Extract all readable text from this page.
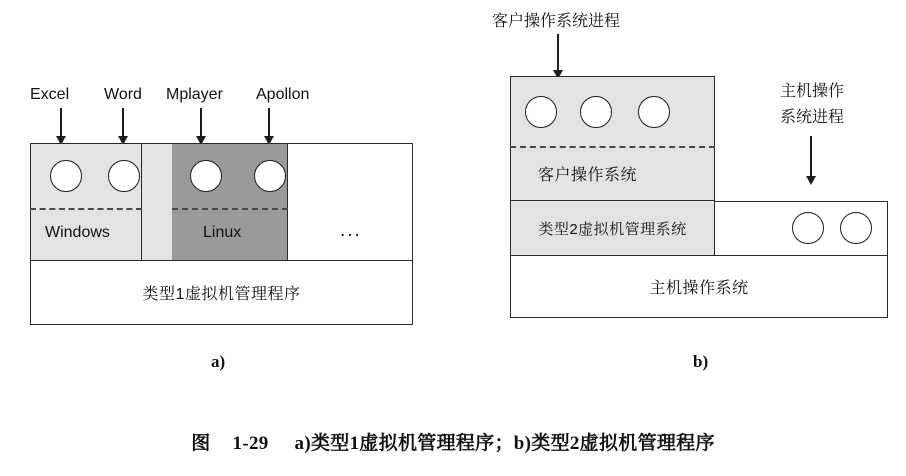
Excel Word Mplayer Apollon
Windows	Linux	...
类型1虚拟机管理程序
a)
客户操作系统进程
主机操作
系统进程
客户操作系统
类型2虚拟机管理系统
主机操作系统
b)
图 1-29 a)类型1虚拟机管理程序；b)类型2虚拟机管理程序
